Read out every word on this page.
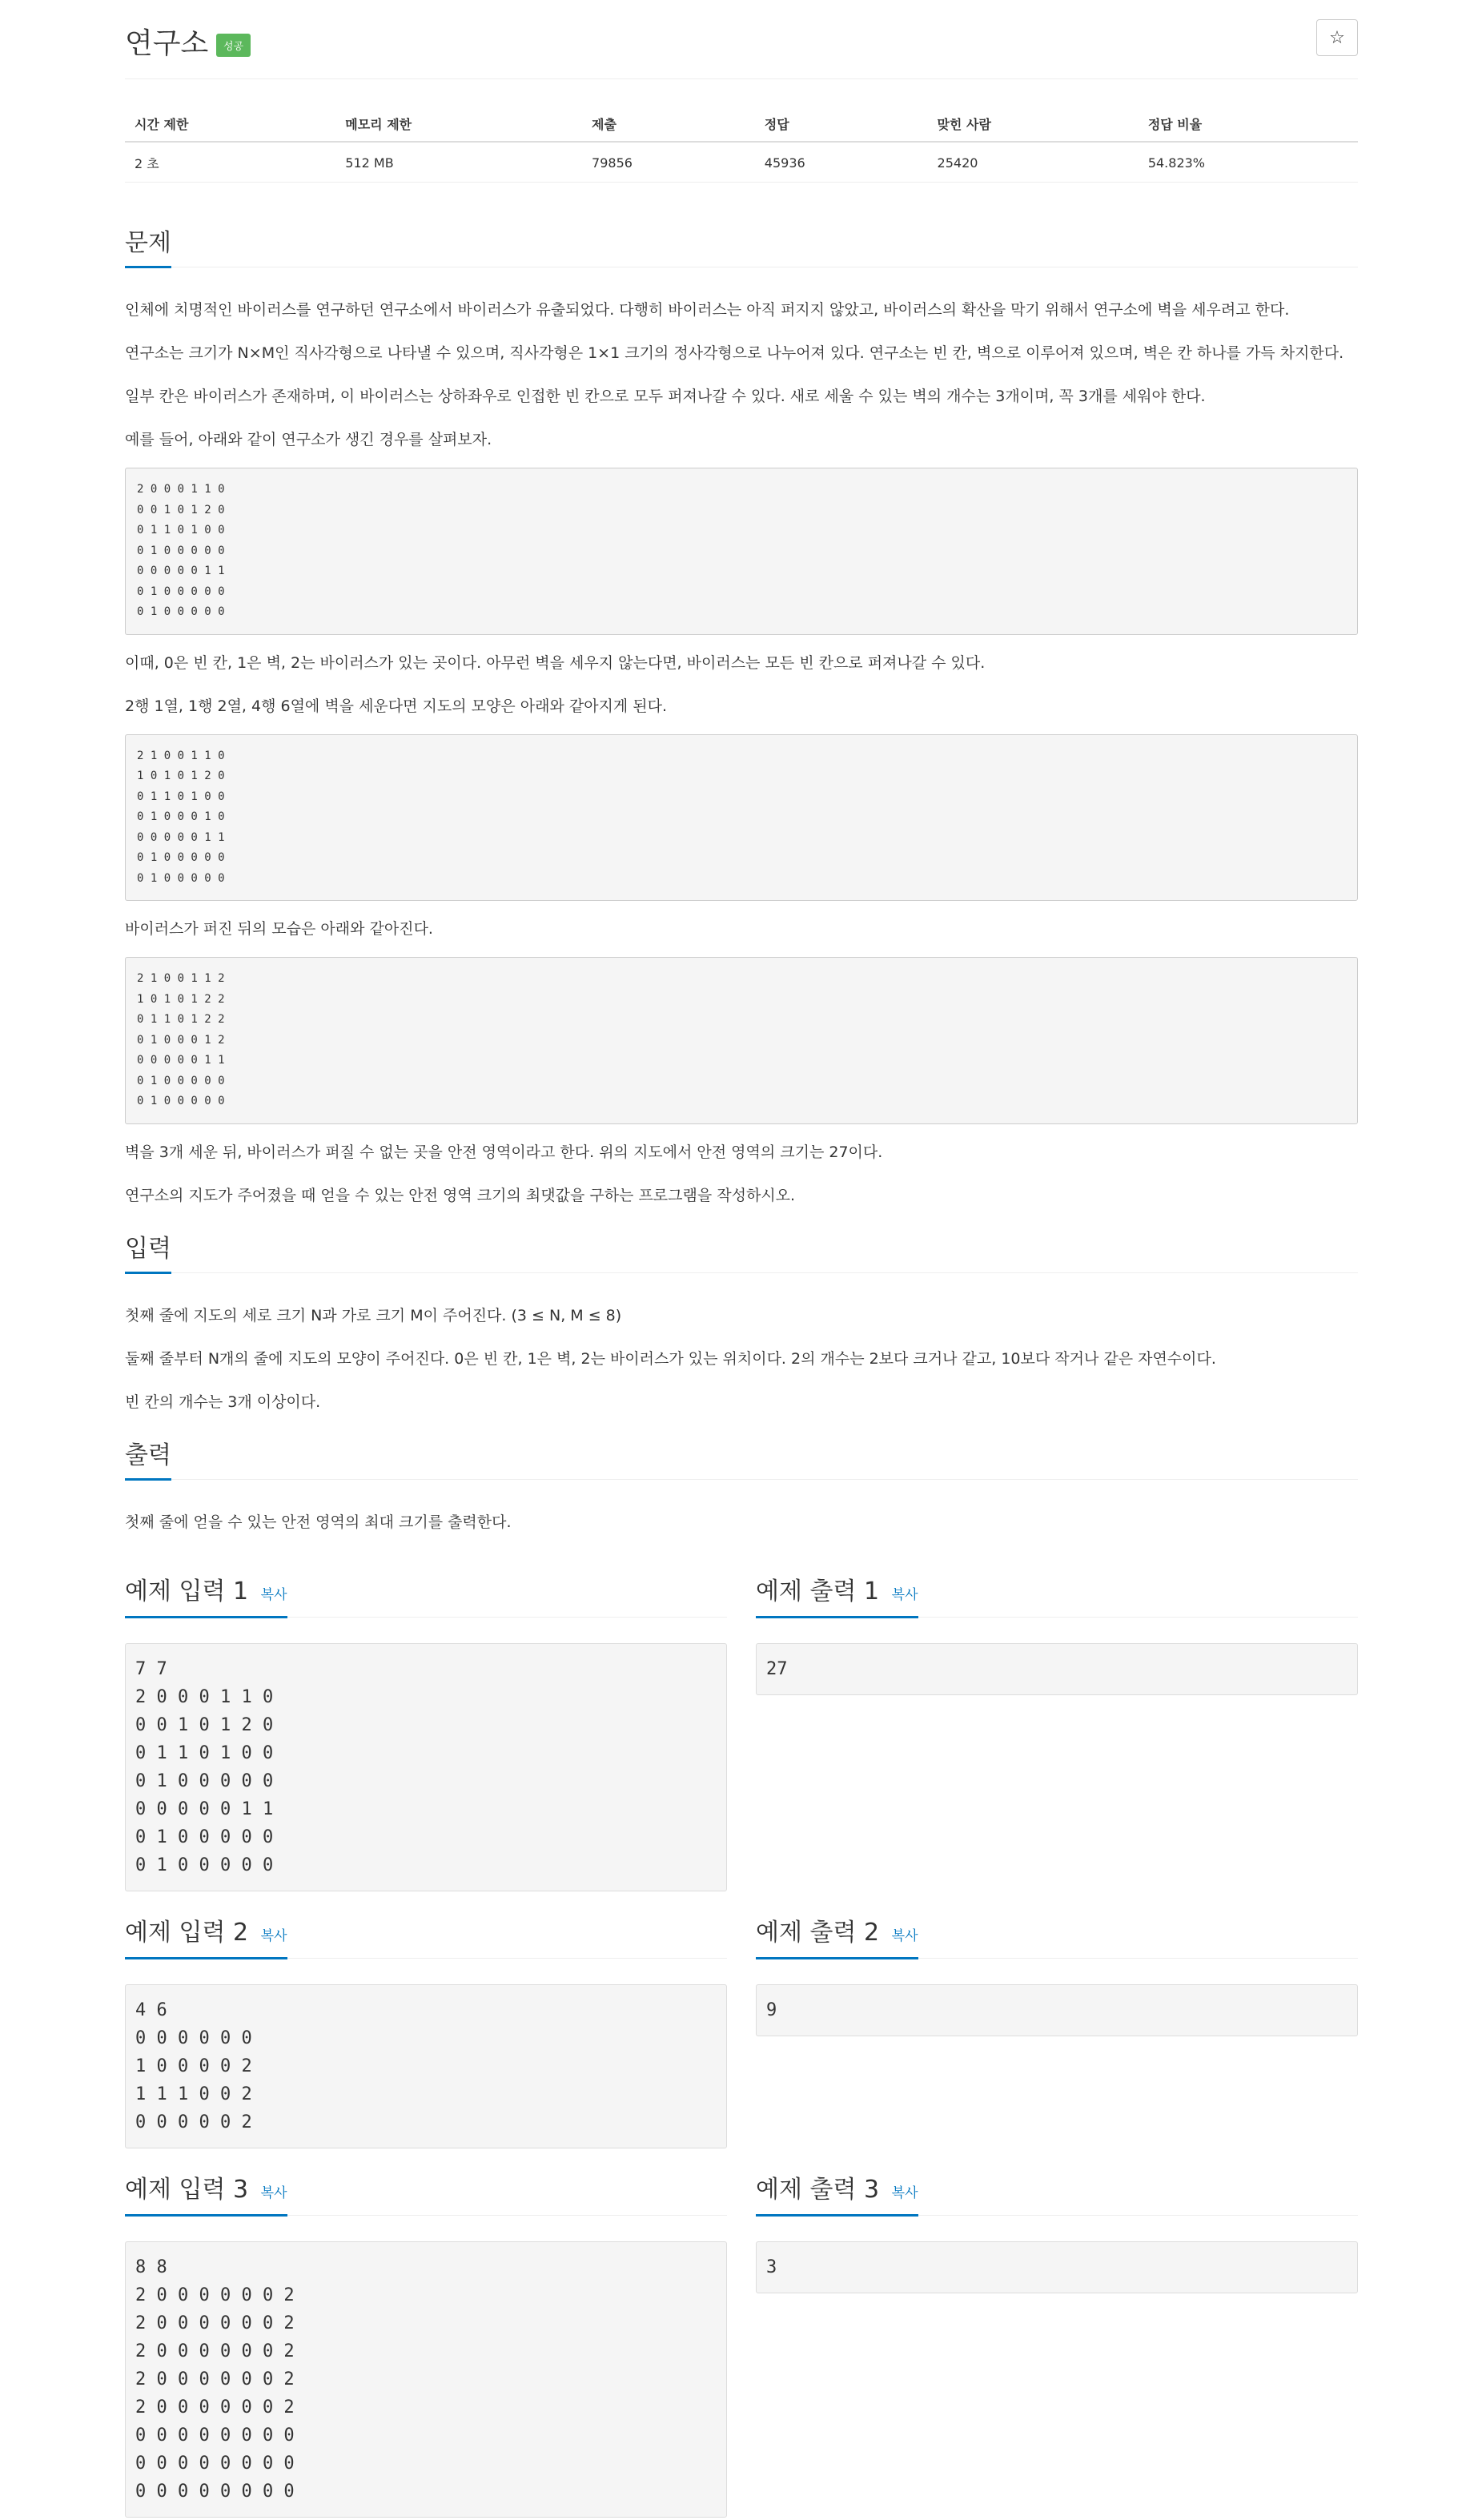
연구소	성공	☆
시간 제한	메모리 제한	제출	정답	맞힌 사람	정답 비율
2 초	512 MB	79856	45936	25420	54.823%
문제

인체에 치명적인 바이러스를 연구하던 연구소에서 바이러스가 유출되었다. 다행히 바이러스는 아직 퍼지지 않았고, 바이러스의 확산을 막기 위해서 연구소에 벽을 세우려고 한다.

연구소는 크기가 N×M인 직사각형으로 나타낼 수 있으며, 직사각형은 1×1 크기의 정사각형으로 나누어져 있다. 연구소는 빈 칸, 벽으로 이루어져 있으며, 벽은 칸 하나를 가득 차지한다.

일부 칸은 바이러스가 존재하며, 이 바이러스는 상하좌우로 인접한 빈 칸으로 모두 퍼져나갈 수 있다. 새로 세울 수 있는 벽의 개수는 3개이며, 꼭 3개를 세워야 한다.

예를 들어, 아래와 같이 연구소가 생긴 경우를 살펴보자.

2 0 0 0 1 1 0
0 0 1 0 1 2 0
0 1 1 0 1 0 0
0 1 0 0 0 0 0
0 0 0 0 0 1 1
0 1 0 0 0 0 0
0 1 0 0 0 0 0

이때, 0은 빈 칸, 1은 벽, 2는 바이러스가 있는 곳이다. 아무런 벽을 세우지 않는다면, 바이러스는 모든 빈 칸으로 퍼져나갈 수 있다.

2행 1열, 1행 2열, 4행 6열에 벽을 세운다면 지도의 모양은 아래와 같아지게 된다.

2 1 0 0 1 1 0
1 0 1 0 1 2 0
0 1 1 0 1 0 0
0 1 0 0 0 1 0
0 0 0 0 0 1 1
0 1 0 0 0 0 0
0 1 0 0 0 0 0

바이러스가 퍼진 뒤의 모습은 아래와 같아진다.

2 1 0 0 1 1 2
1 0 1 0 1 2 2
0 1 1 0 1 2 2
0 1 0 0 0 1 2
0 0 0 0 0 1 1
0 1 0 0 0 0 0
0 1 0 0 0 0 0

벽을 3개 세운 뒤, 바이러스가 퍼질 수 없는 곳을 안전 영역이라고 한다. 위의 지도에서 안전 영역의 크기는 27이다.

연구소의 지도가 주어졌을 때 얻을 수 있는 안전 영역 크기의 최댓값을 구하는 프로그램을 작성하시오.

입력

첫째 줄에 지도의 세로 크기 N과 가로 크기 M이 주어진다. (3 ≤ N, M ≤ 8)

둘째 줄부터 N개의 줄에 지도의 모양이 주어진다. 0은 빈 칸, 1은 벽, 2는 바이러스가 있는 위치이다. 2의 개수는 2보다 크거나 같고, 10보다 작거나 같은 자연수이다.

빈 칸의 개수는 3개 이상이다.

출력

첫째 줄에 얻을 수 있는 안전 영역의 최대 크기를 출력한다.

예제 입력 1 복사
7 7
2 0 0 0 1 1 0
0 0 1 0 1 2 0
0 1 1 0 1 0 0
0 1 0 0 0 0 0
0 0 0 0 0 1 1
0 1 0 0 0 0 0
0 1 0 0 0 0 0
예제 출력 1 복사
27
예제 입력 2 복사
4 6
0 0 0 0 0 0
1 0 0 0 0 2
1 1 1 0 0 2
0 0 0 0 0 2
예제 출력 2 복사
9
예제 입력 3 복사
8 8
2 0 0 0 0 0 0 2
2 0 0 0 0 0 0 2
2 0 0 0 0 0 0 2
2 0 0 0 0 0 0 2
2 0 0 0 0 0 0 2
0 0 0 0 0 0 0 0
0 0 0 0 0 0 0 0
0 0 0 0 0 0 0 0
예제 출력 3 복사
3
